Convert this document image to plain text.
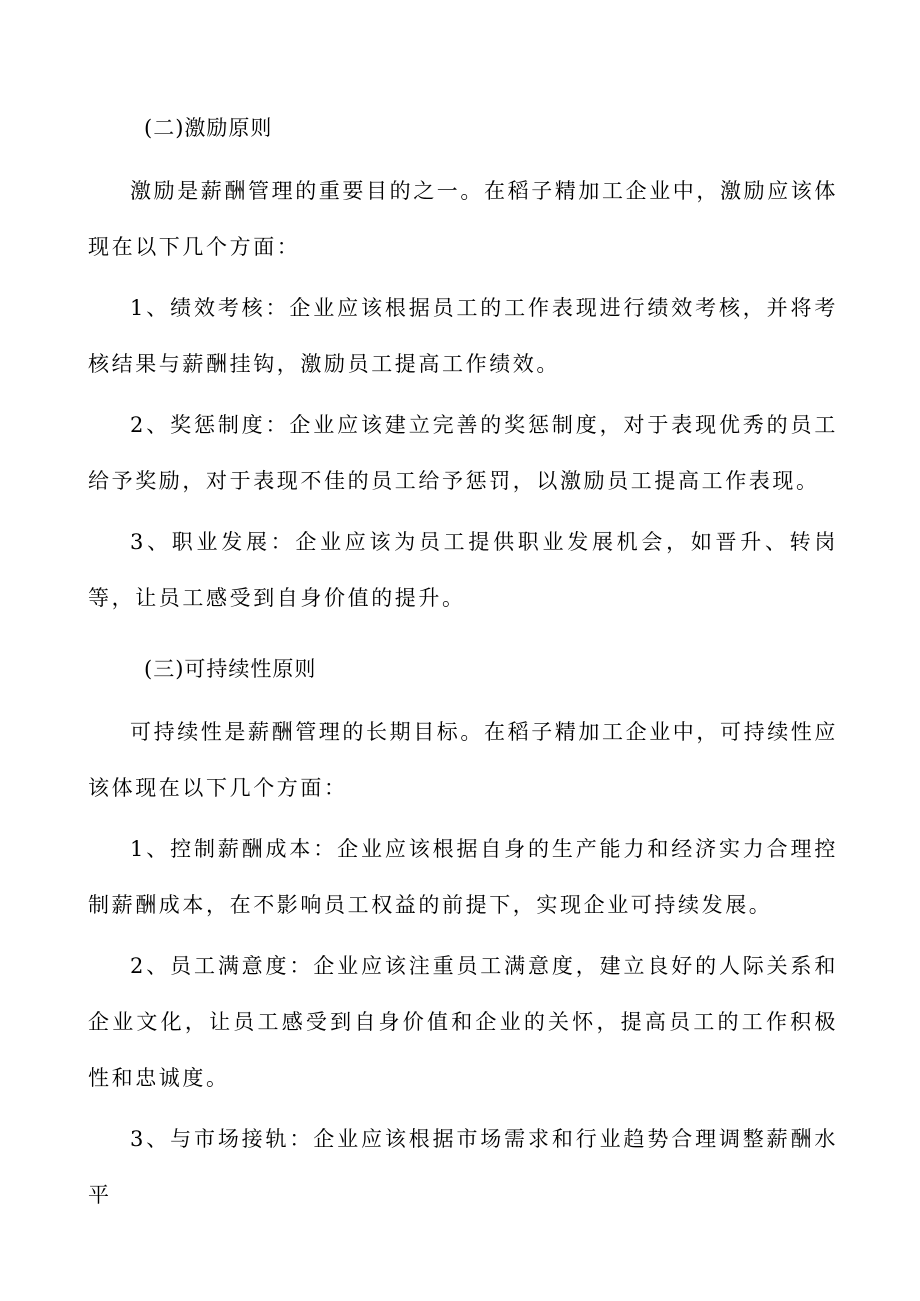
(二)激励原则

激励是薪酬管理的重要目的之一。在稻子精加工企业中，激励应该体现在以下几个方面：

1、绩效考核：企业应该根据员工的工作表现进行绩效考核，并将考核结果与薪酬挂钩，激励员工提高工作绩效。

2、奖惩制度：企业应该建立完善的奖惩制度，对于表现优秀的员工给予奖励，对于表现不佳的员工给予惩罚，以激励员工提高工作表现。

3、职业发展：企业应该为员工提供职业发展机会，如晋升、转岗等，让员工感受到自身价值的提升。

(三)可持续性原则

可持续性是薪酬管理的长期目标。在稻子精加工企业中，可持续性应该体现在以下几个方面：

1、控制薪酬成本：企业应该根据自身的生产能力和经济实力合理控制薪酬成本，在不影响员工权益的前提下，实现企业可持续发展。

2、员工满意度：企业应该注重员工满意度，建立良好的人际关系和企业文化，让员工感受到自身价值和企业的关怀，提高员工的工作积极性和忠诚度。

3、与市场接轨：企业应该根据市场需求和行业趋势合理调整薪酬水平
